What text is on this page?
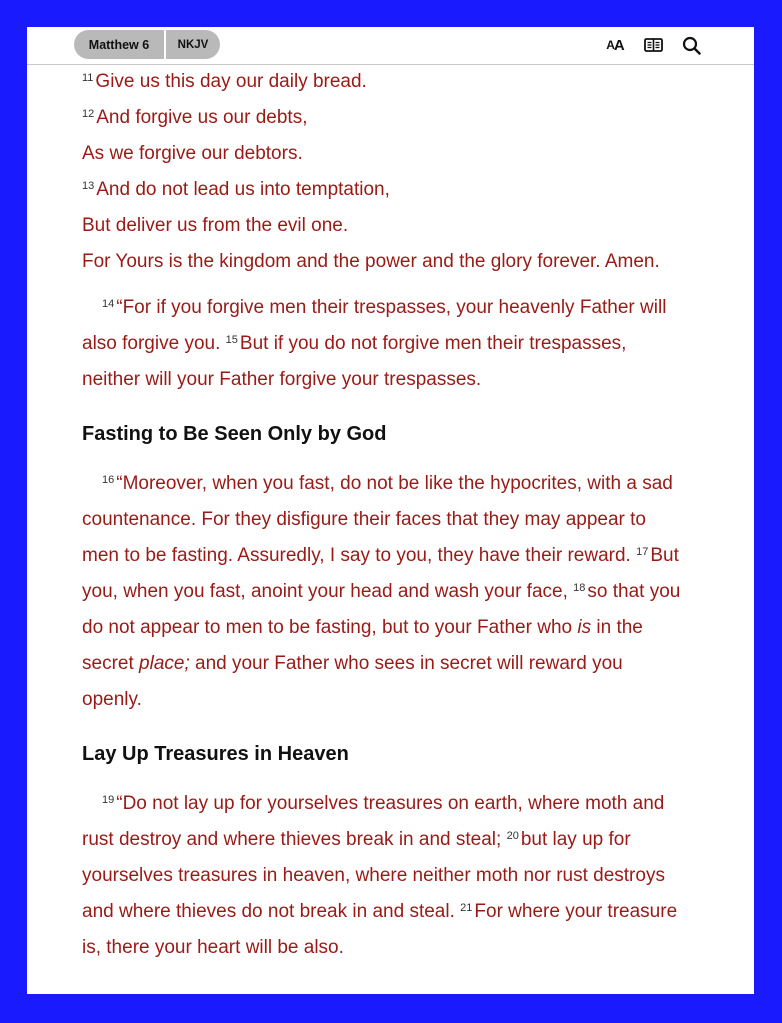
Matthew 6	NKJV	A A
$^{11}$ Give us this day our daily bread.
$^{12}$ And forgive us our debts,
As we forgive our debtors.
$^{13}$ And do not lead us into temptation,
But deliver us from the evil one.
For Yours is the kingdom and the power and the glory forever. Amen.
$^{14}$ “For if you forgive men their trespasses, your heavenly Father will
also forgive you. $^{15}$ But if you do not forgive men their trespasses,
neither will your Father forgive your trespasses.
Fasting to Be Seen Only by God
$^{16}$ “Moreover, when you fast, do not be like the hypocrites, with a sad
countenance. For they disfigure their faces that they may appear to
men to be fasting. Assuredly, I say to you, they have their reward. $^{17}$ But
you, when you fast, anoint your head and wash your face, $^{18}$ so that you
do not appear to men to be fasting, but to your Father who is in the
secret place; and your Father who sees in secret will reward you
openly.
Lay Up Treasures in Heaven
$^{19}$ “Do not lay up for yourselves treasures on earth, where moth and
rust destroy and where thieves break in and steal; $^{20}$ but lay up for
yourselves treasures in heaven, where neither moth nor rust destroys
and where thieves do not break in and steal. $^{21}$ For where your treasure
is, there your heart will be also.
